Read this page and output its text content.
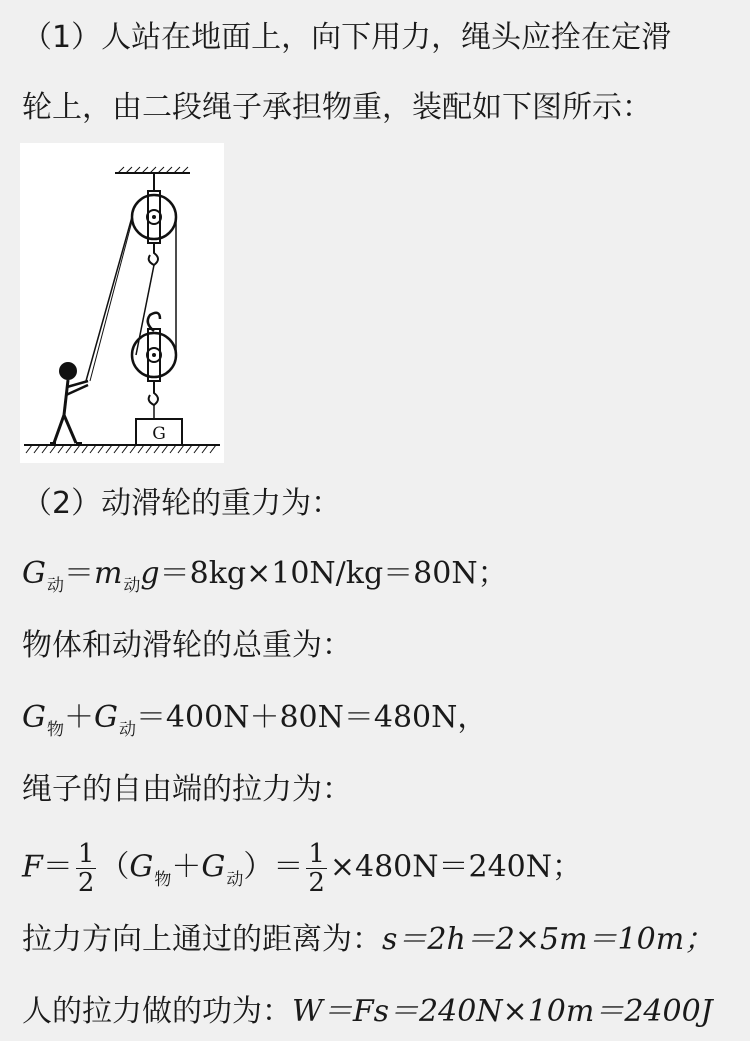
（1）人站在地面上，向下用力，绳头应拴在定滑
轮上，由二段绳子承担物重，装配如下图所示：
G
（2）动滑轮的重力为：
$G_动=m_动g=8kg\times 10N/kg=80N$；
物体和动滑轮的总重为：
$G_物+G_动=400N+80N=480N$，
绳子的自由端的拉力为：
$F= \frac{1}{2} (G_物+G_动)= \frac{1}{2} \times 480N=240N$；
拉力方向上通过的距离为：s＝2h＝2×5m＝10m；
人的拉力做的功为：W＝Fs＝240N×10m＝2400J
